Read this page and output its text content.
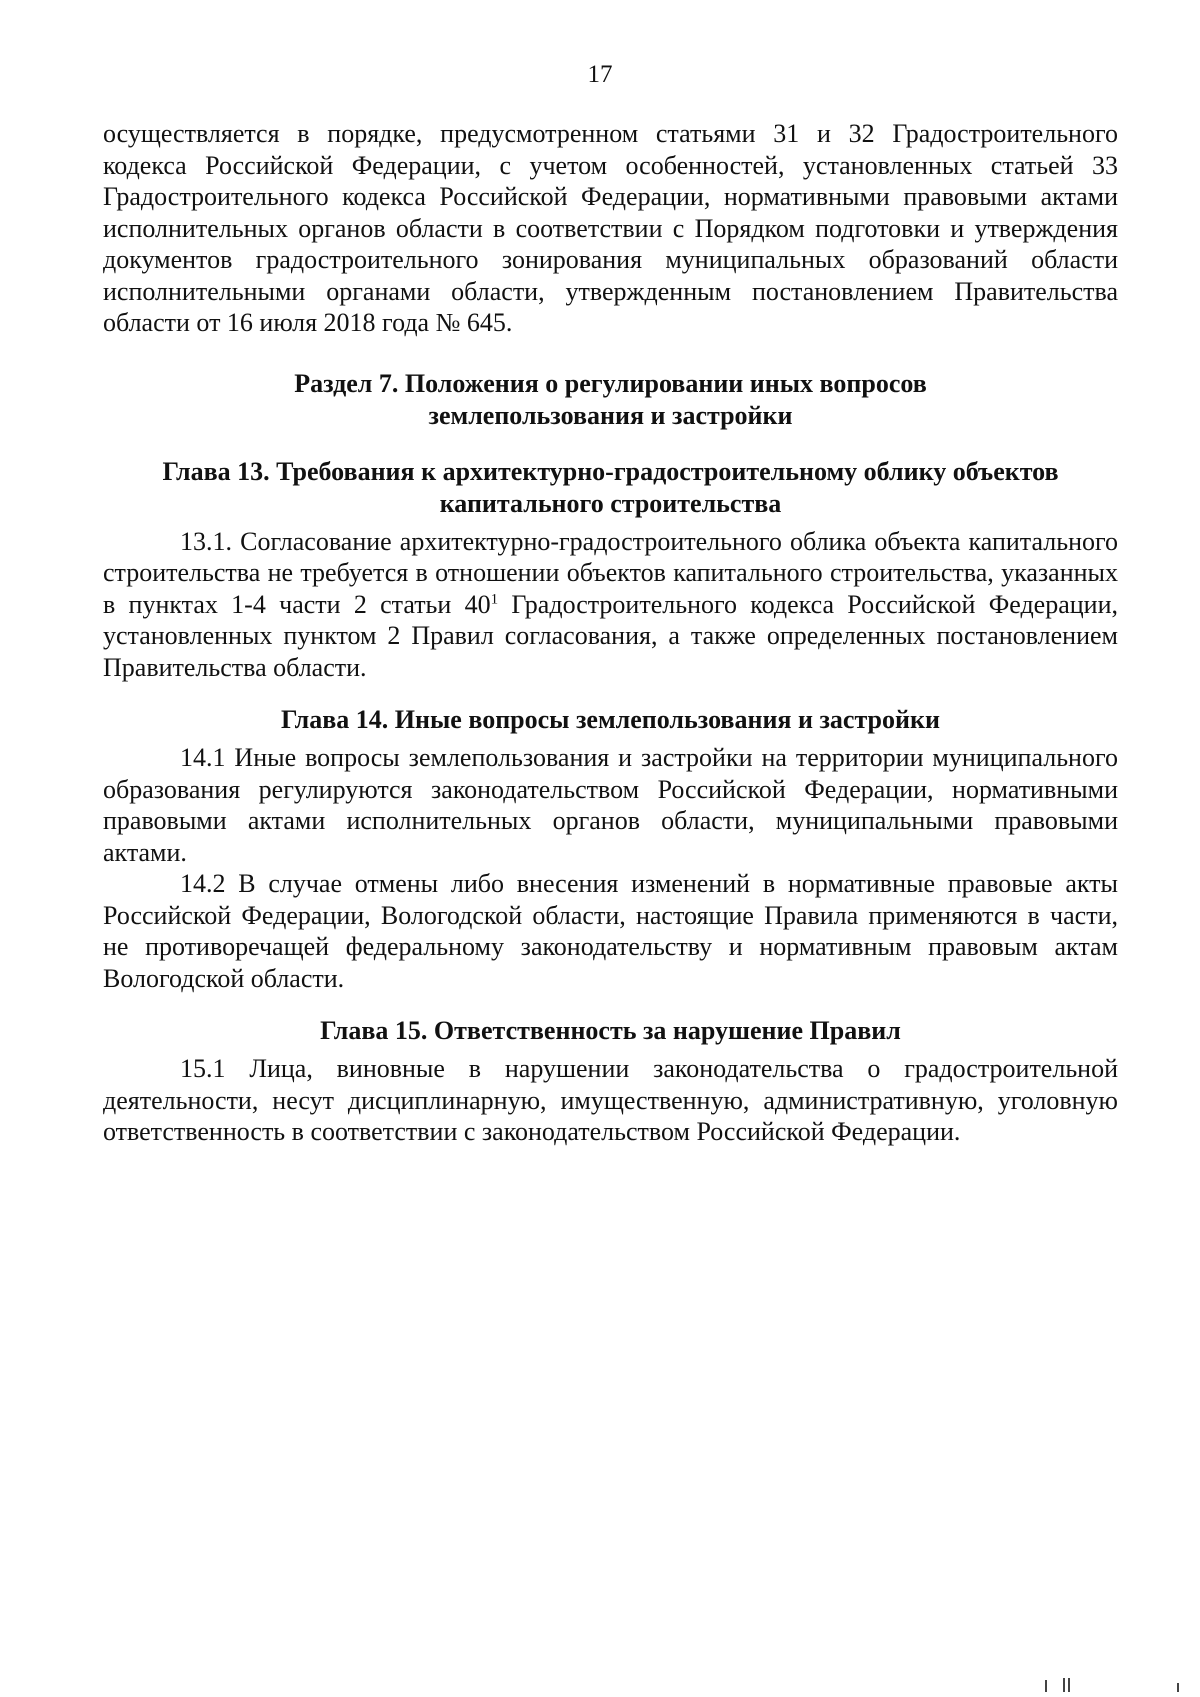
17

осуществляется в порядке, предусмотренном статьями 31 и 32 Градостроительного кодекса Российской Федерации, с учетом особенностей, установленных статьей 33 Градостроительного кодекса Российской Федерации, нормативными правовыми актами исполнительных органов области в соответствии с Порядком подготовки и утверждения документов градостроительного зонирования муниципальных образований области исполнительными органами области, утвержденным постановлением Правительства области от 16 июля 2018 года № 645.

Раздел 7. Положения о регулировании иных вопросов
землепользования и застройки
Глава 13. Требования к архитектурно-градостроительному облику объектов
капитального строительства

13.1. Согласование архитектурно-градостроительного облика объекта капитального строительства не требуется в отношении объектов капитального строительства, указанных в пунктах 1-4 части 2 статьи $40^1$ Градостроительного кодекса Российской Федерации, установленных пунктом 2 Правил согласования, а также определенных постановлением Правительства области.

Глава 14. Иные вопросы землепользования и застройки

14.1 Иные вопросы землепользования и застройки на территории муниципального образования регулируются законодательством Российской Федерации, нормативными правовыми актами исполнительных органов области, муниципальными правовыми актами.

14.2 В случае отмены либо внесения изменений в нормативные правовые акты Российской Федерации, Вологодской области, настоящие Правила применяются в части, не противоречащей федеральному законодательству и нормативным правовым актам Вологодской области.

Глава 15. Ответственность за нарушение Правил

15.1 Лица, виновные в нарушении законодательства о градостроительной деятельности, несут дисциплинарную, имущественную, административную, уголовную ответственность в соответствии с законодательством Российской Федерации.
